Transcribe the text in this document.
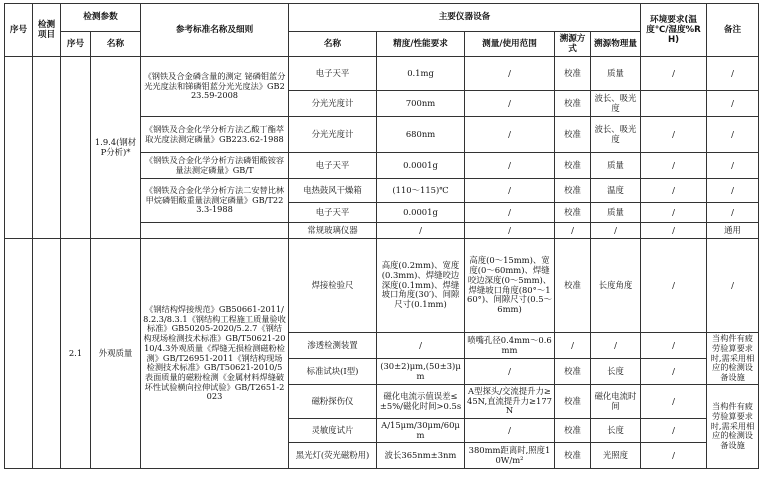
序号	检测项目	检测参数		参考标准名称及细则	主要仪器设备					环境要求(温度℃/湿度%RH)	备注
		序号	名称		名称	精度/性能要求	测量/使用范围	溯源方式	溯源物理量		
			1.9.4(钢材P分析)*	《钢铁及合金磷含量的测定 铋磷钼蓝分光光度法和锑磷钼蓝分光光度法》GB223.59-2008	电子天平	0.1mg	/	校准	质量	/	/
					分光光度计	700nm	/	校准	波长、吸光度		/
				《钢铁及合金化学分析方法乙酸丁酯萃取光度法测定磷量》GB223.62-1988	分光光度计	680nm	/	校准	波长、吸光度	/	/
				《钢铁及合金化学分析方法磷钼酸铵容量法测定磷量》GB/T	电子天平	0.0001g	/	校准	质量	/	/
				《钢铁及合金化学分析方法二安替比林甲烷磷钼酸重量法测定磷量》GB/T223.3-1988	电热鼓风干燥箱	(110～115)℃	/	校准	温度	/	/
					电子天平	0.0001g	/	校准	质量	/	/
					常规玻璃仪器	/	/	/	/	/	通用
		2.1	外观质量	《钢结构焊接规范》GB50661-2011/8.2.3/8.3.1《钢结构工程施工质量验收标准》GB50205-2020/5.2.7《钢结构现场检测技术标准》GB/T50621-2010/4.3外观质量《焊缝无损检测磁粉检测》GB/T26951-2011《钢结构现场检测技术标准》GB/T50621-2010/5表面质量的磁粉检测《金属材料焊缝破坏性试验横向拉伸试验》GB/T2651-2023	焊接检验尺	高度(0.2mm)、宽度(0.3mm)、焊缝咬边深度(0.1mm)、焊缝坡口角度(30′)、间隙尺寸(0.1mm)	高度(0～15mm)、宽度(0～60mm)、焊缝咬边深度(0～5mm)、焊缝坡口角度(80°～160°)、间隙尺寸(0.5～6mm)	校准	长度角度	/	/
					渗透检测装置	/	喷嘴孔径0.4mm～0.6mm	/	/	/	当构件有疲劳验算要求时,需采用相应的检测设备设施
					标准试块(I型)	(30±2)μm,(50±3)μm	/	校准	长度	/	
					磁粉探伤仪	磁化电流示值误差≤±5%/磁化时间>0.5s	A型探头/交流提升力≥45N,直流提升力≥177N	校准	磁化电流时间	/	当构件有疲劳验算要求时,需采用相应的检测设备设施
					灵敏度试片	A/15μm/30μm/60μm	/	校准	长度	/	
					黑光灯(荧光磁粉用)	波长365nm±3nm	380mm距离时,照度10W/m²	校准	光照度	/	
